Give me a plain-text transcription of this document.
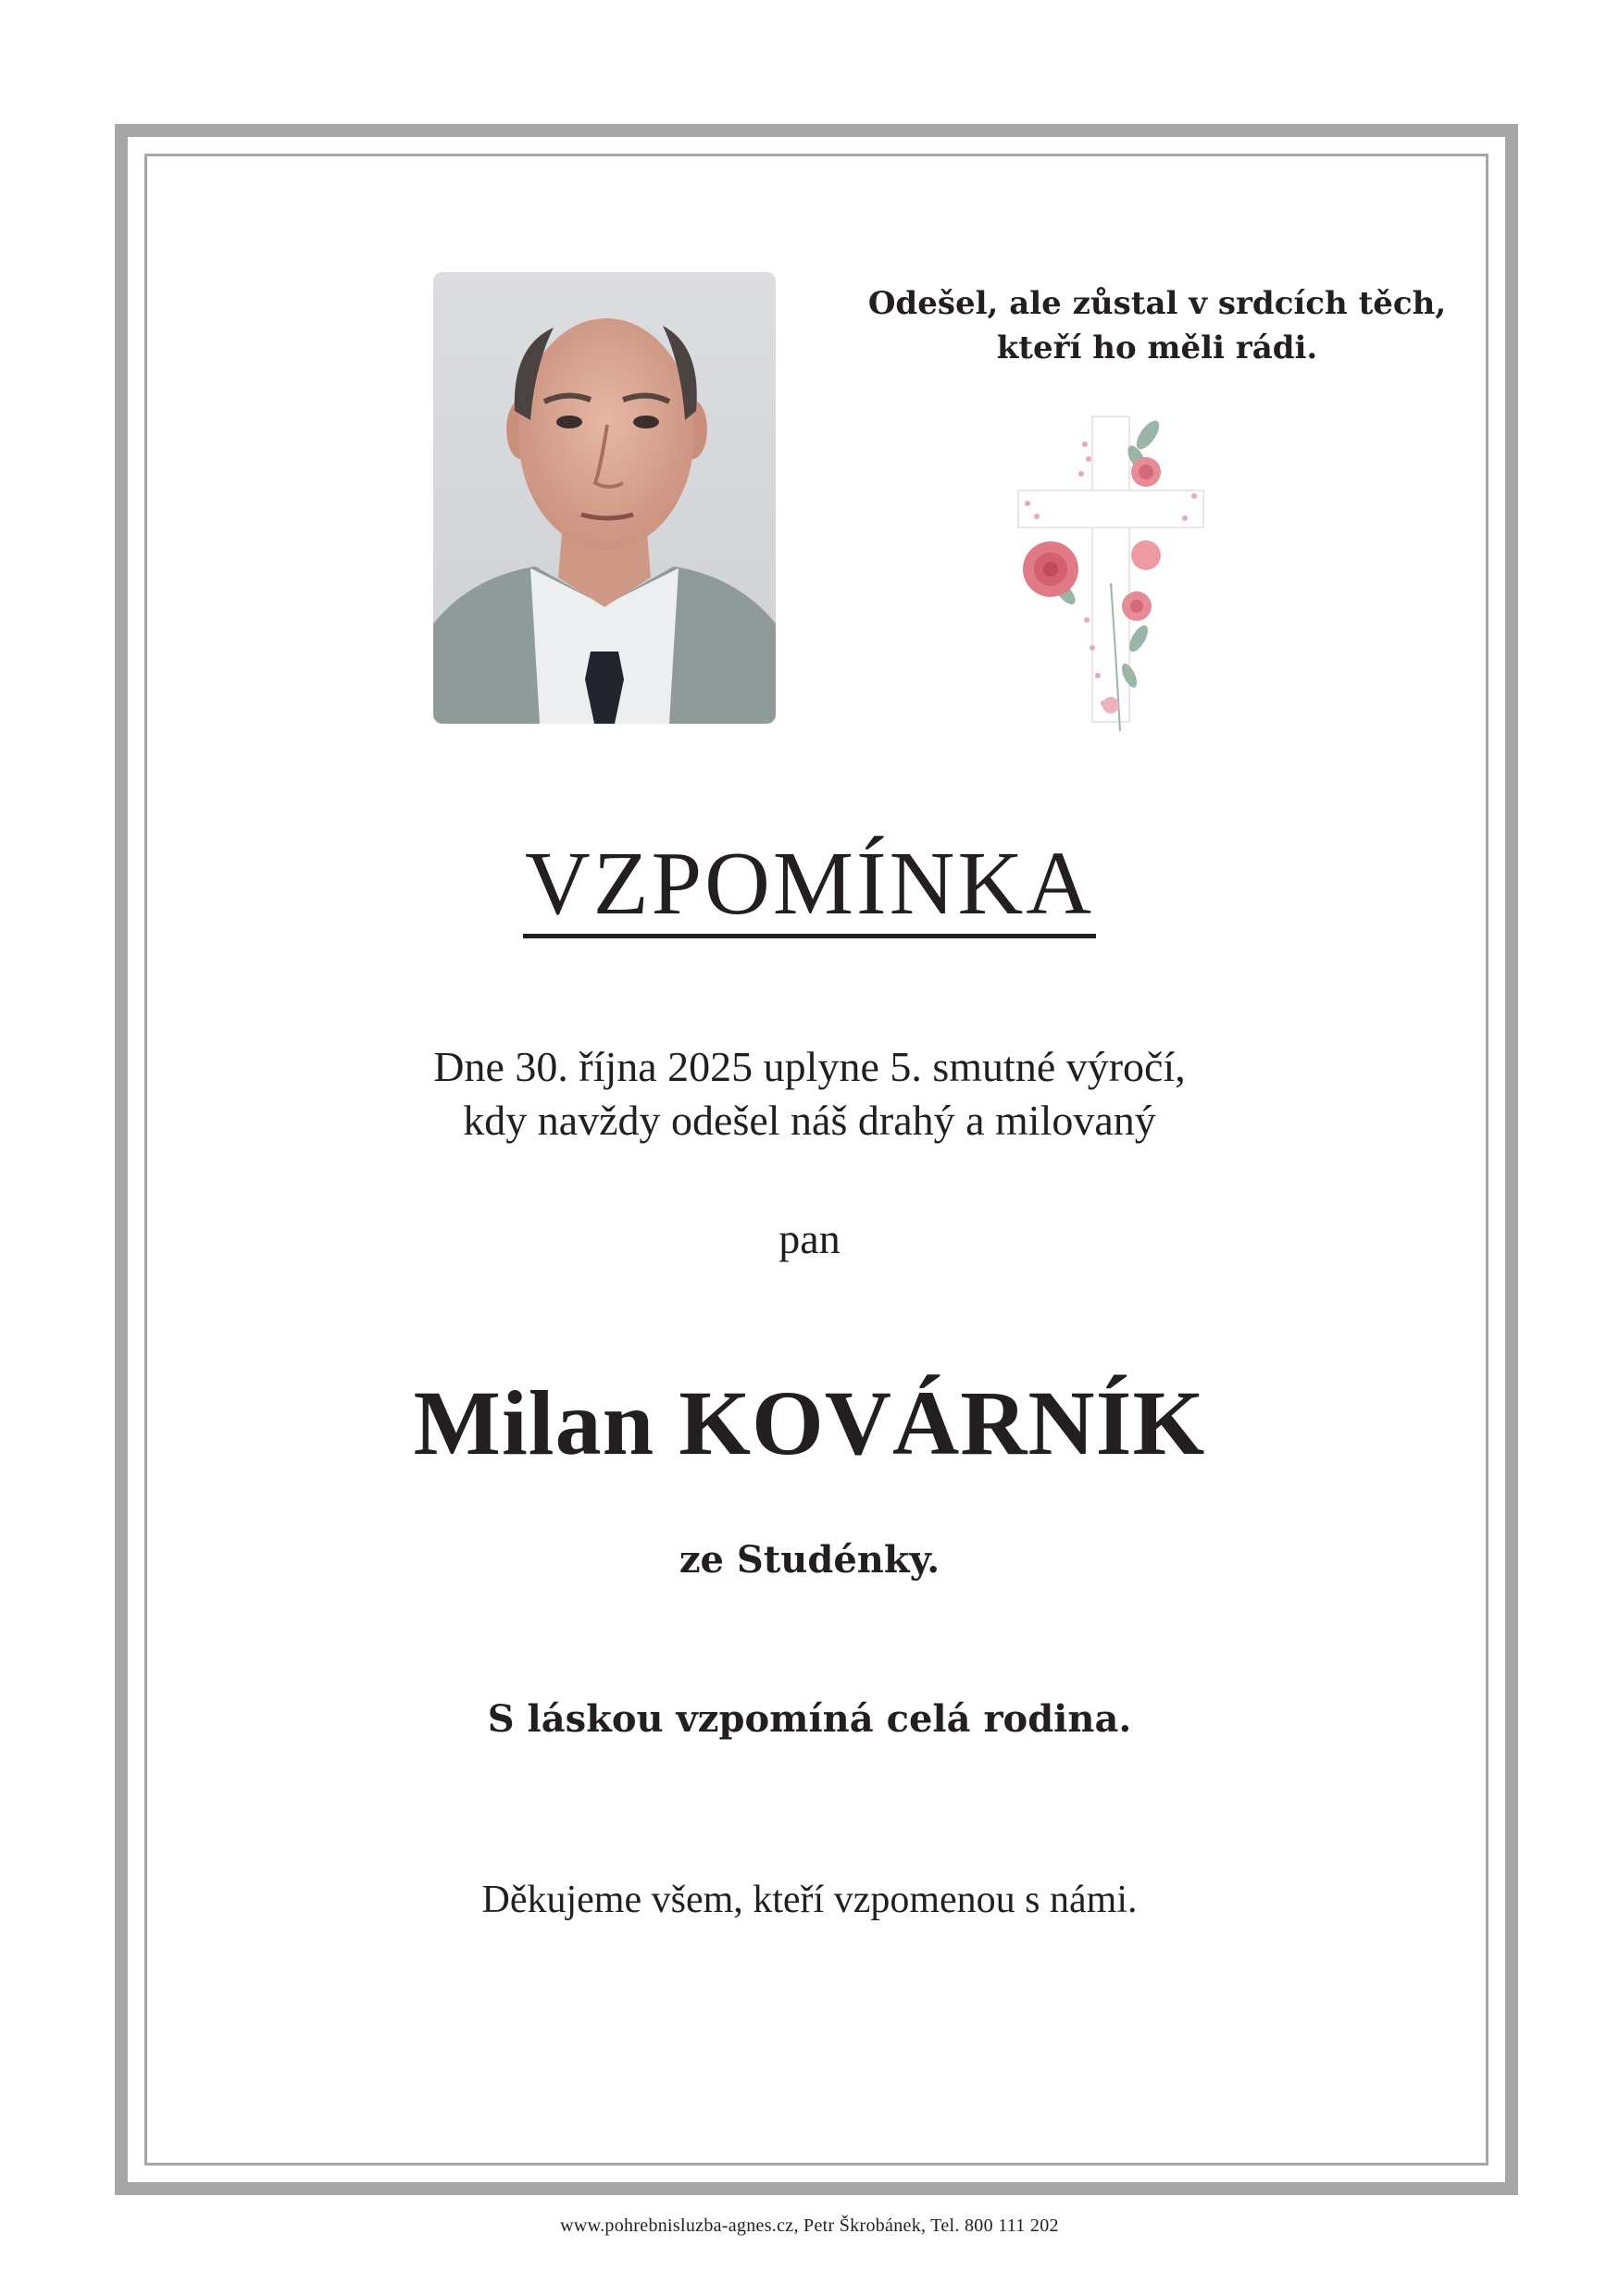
Odešel, ale zůstal v srdcích těch,
kteří ho měli rádi.
VZPOMÍNKA
Dne 30. října 2025 uplyne 5. smutné výročí,
kdy navždy odešel náš drahý a milovaný
pan
Milan KOVÁRNÍK
ze Studénky.
S láskou vzpomíná celá rodina.
Děkujeme všem, kteří vzpomenou s námi.
www.pohrebnisluzba-agnes.cz, Petr Škrobánek, Tel. 800 111 202
